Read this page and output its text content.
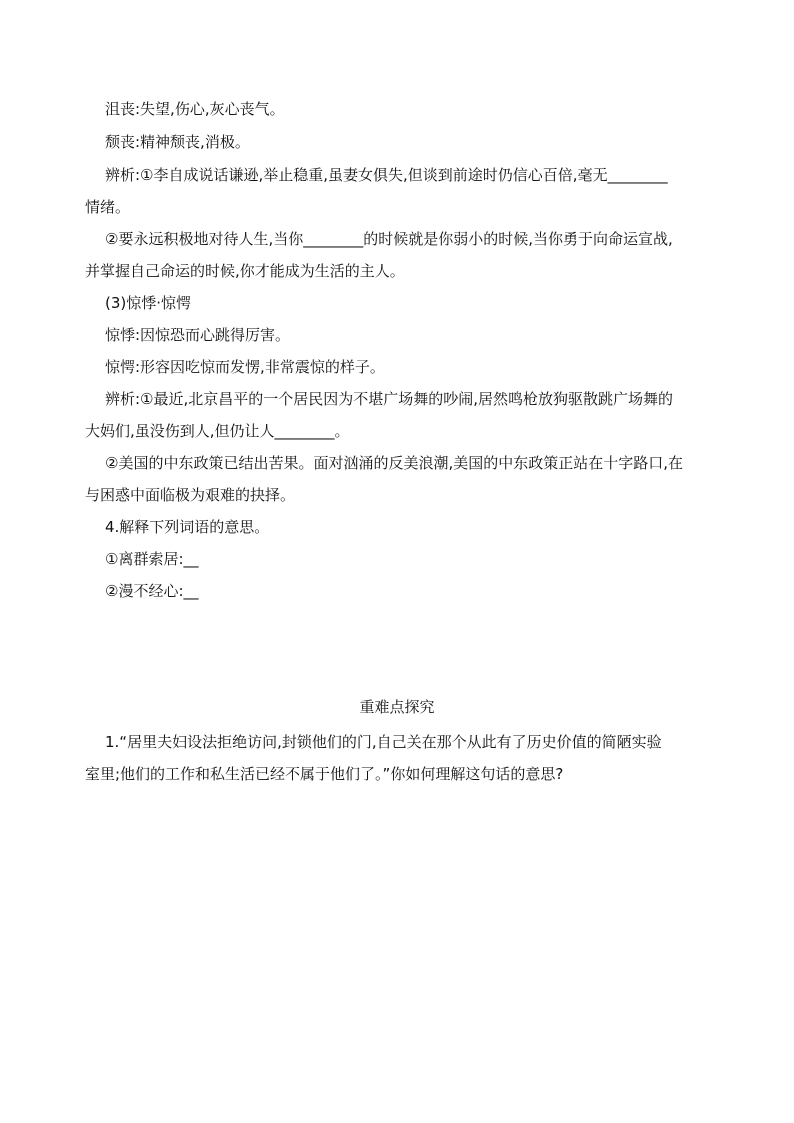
沮丧:失望,伤心,灰心丧气。
颓丧:精神颓丧,消极。
辨析:①李自成说话谦逊,举止稳重,虽妻女俱失,但谈到前途时仍信心百倍,毫无________
情绪。
②要永远积极地对待人生,当你________的时候就是你弱小的时候,当你勇于向命运宣战,
并掌握自己命运的时候,你才能成为生活的主人。
(3)惊悸·惊愕
惊悸:因惊恐而心跳得厉害。
惊愕:形容因吃惊而发愣,非常震惊的样子。
辨析:①最近,北京昌平的一个居民因为不堪广场舞的吵闹,居然鸣枪放狗驱散跳广场舞的
大妈们,虽没伤到人,但仍让人________。
②美国的中东政策已结出苦果。面对汹涌的反美浪潮,美国的中东政策正站在十字路口,在
与困惑中面临极为艰难的抉择。
4.解释下列词语的意思。
①离群索居:__
②漫不经心:__
重难点探究
1.“居里夫妇设法拒绝访问,封锁他们的门,自己关在那个从此有了历史价值的简陋实验
室里;他们的工作和私生活已经不属于他们了。”你如何理解这句话的意思?
